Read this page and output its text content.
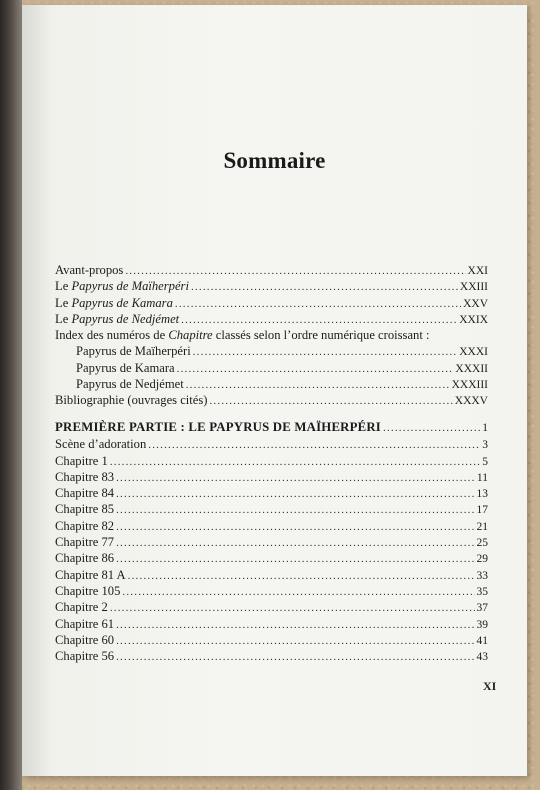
Sommaire
Avant-propos .....	XXI
Le Papyrus de Maïherpéri .....	XXIII
Le Papyrus de Kamara .....	XXV
Le Papyrus de Nedjémet .....	XXIX
Index des numéros de Chapitre classés selon l’ordre numérique croissant :
Papyrus de Maïherpéri .....	XXXI
Papyrus de Kamara .....	XXXII
Papyrus de Nedjémet .....	XXXIII
Bibliographie (ouvrages cités) .....	XXXV
PREMIÈRE PARTIE : LE PAPYRUS DE MAÏHERPÉRI .....	1
Scène d’adoration .....	3
Chapitre 1 .....	5
Chapitre 83 .....	11
Chapitre 84 .....	13
Chapitre 85 .....	17
Chapitre 82 .....	21
Chapitre 77 .....	25
Chapitre 86 .....	29
Chapitre 81 A .....	33
Chapitre 105 .....	35
Chapitre 2 .....	37
Chapitre 61 .....	39
Chapitre 60 .....	41
Chapitre 56 .....	43
XI
